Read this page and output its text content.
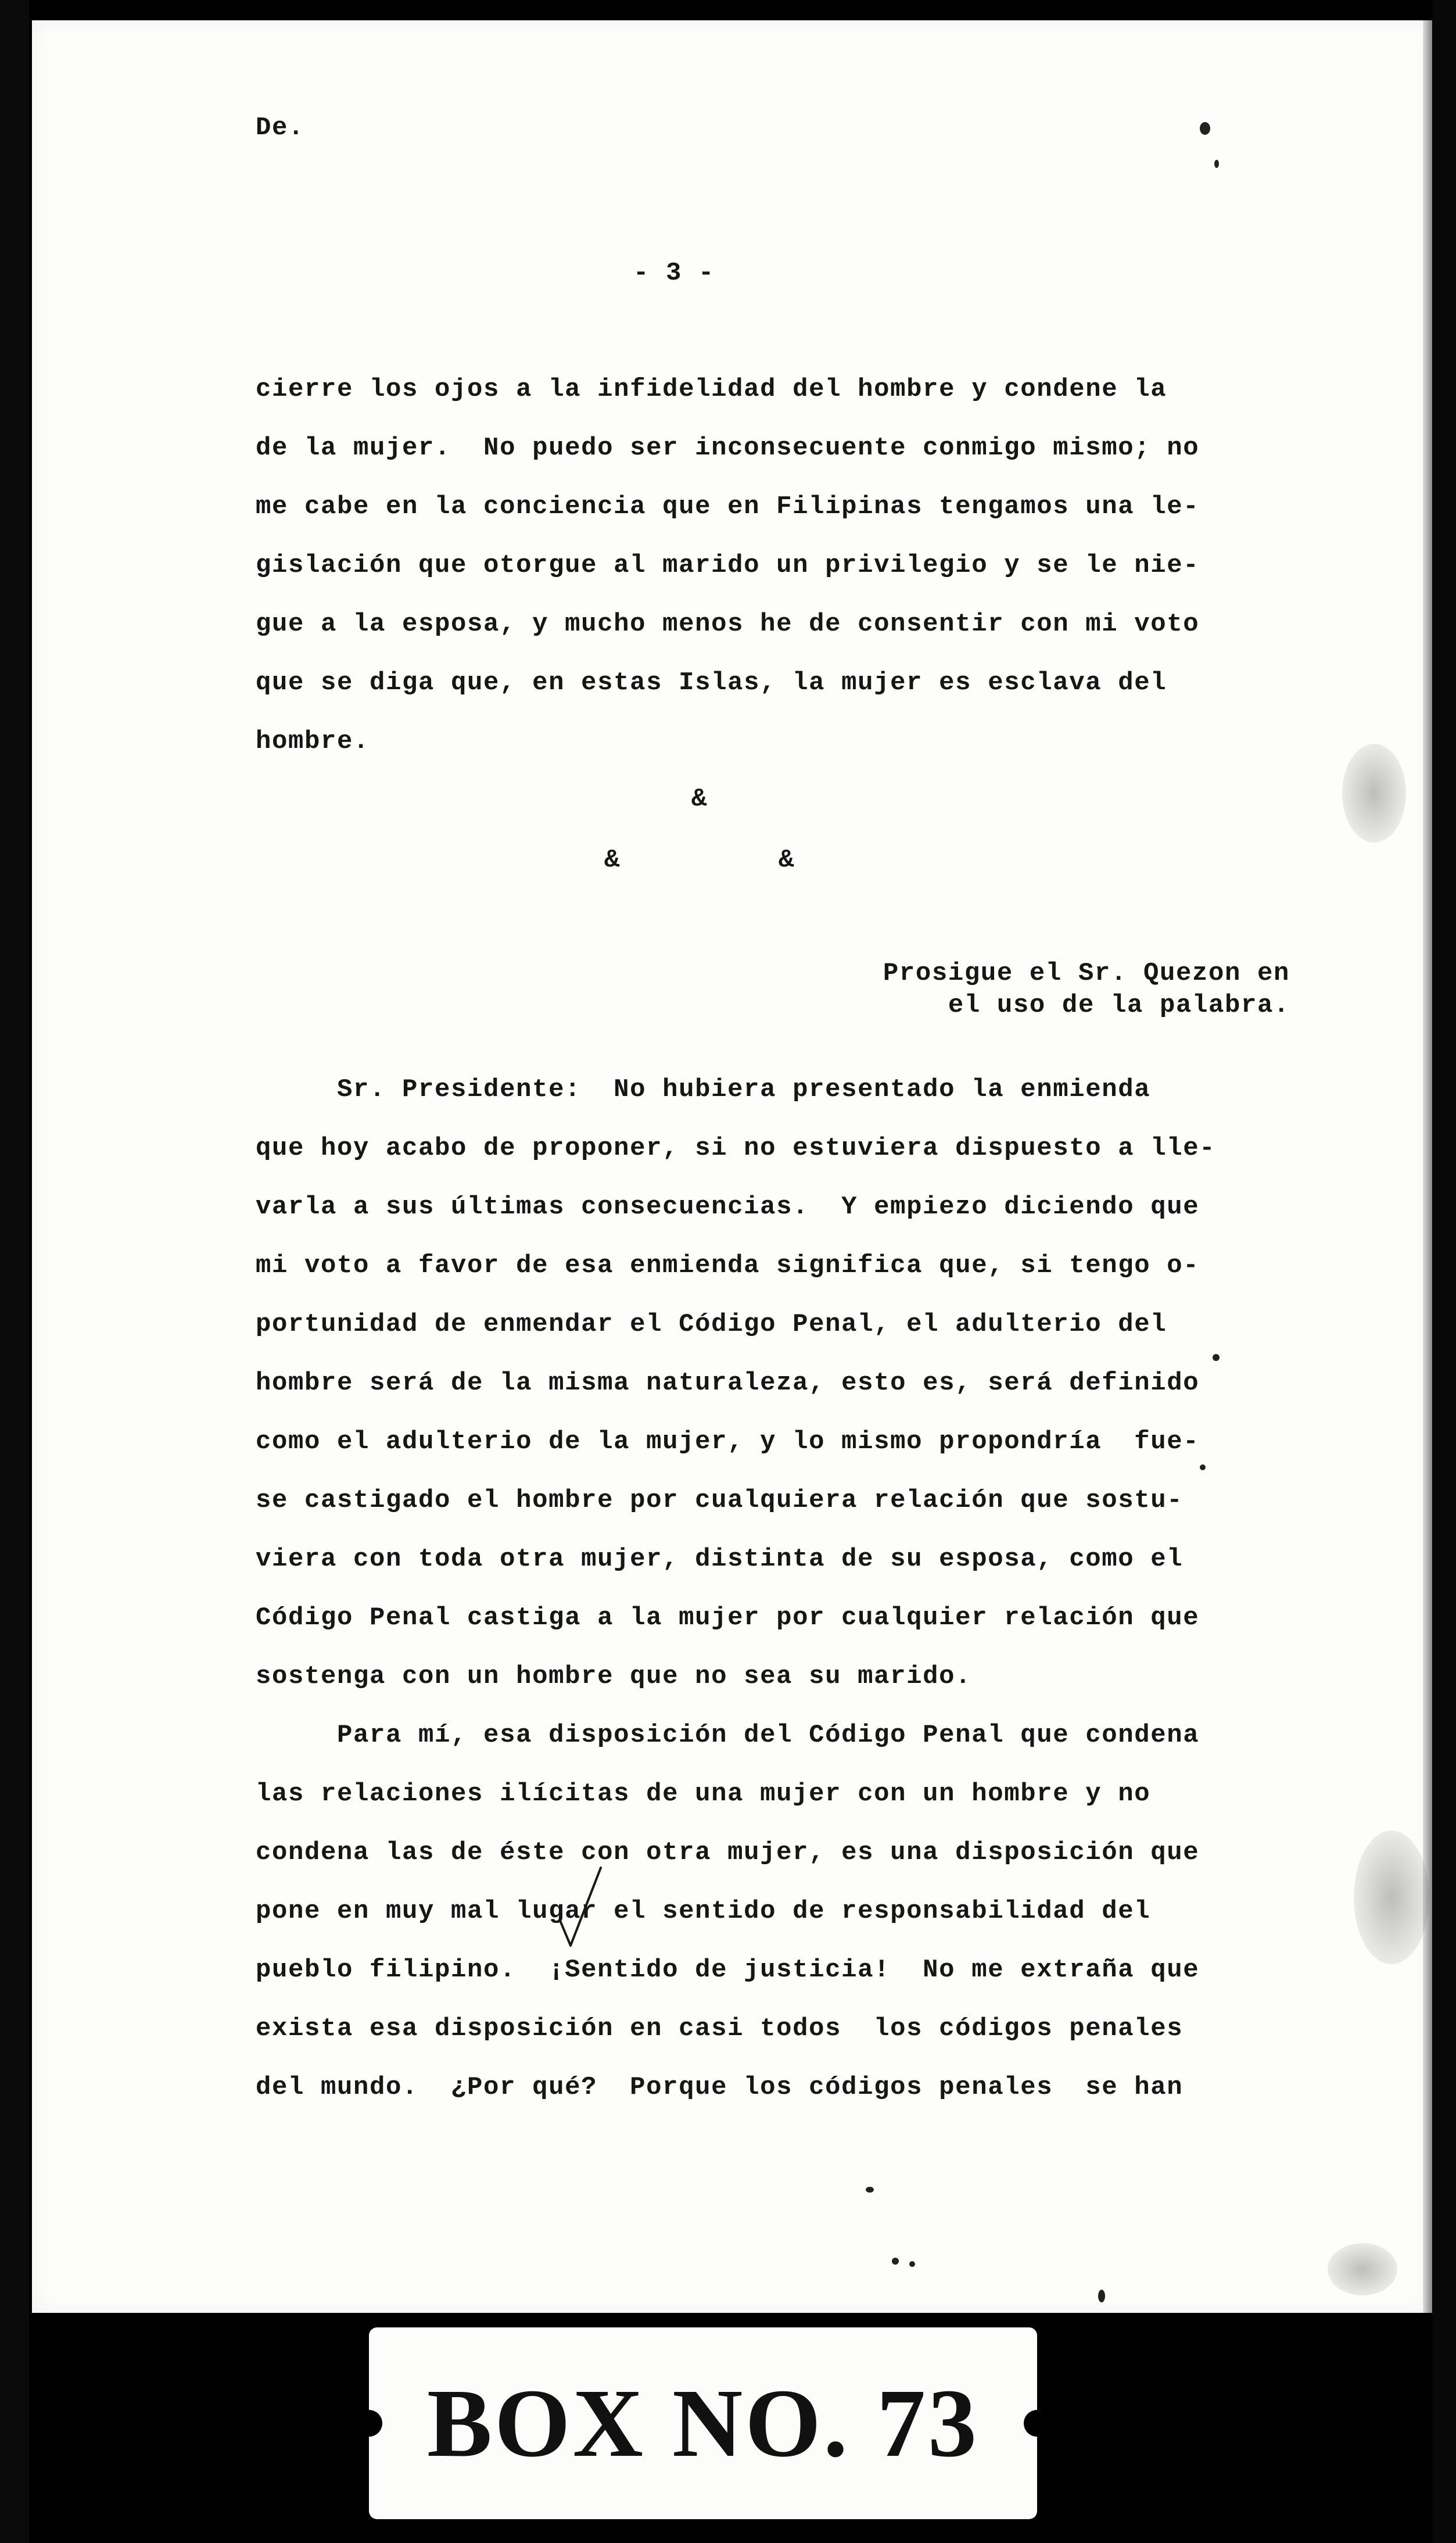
De.
- 3 -
cierre los ojos a la infidelidad del hombre y condene la
de la mujer.  No puedo ser inconsecuente conmigo mismo; no
me cabe en la conciencia que en Filipinas tengamos una le-
gislación que otorgue al marido un privilegio y se le nie-
gue a la esposa, y mucho menos he de consentir con mi voto
que se diga que, en estas Islas, la mujer es esclava del
hombre.
&
&	&
Prosigue el Sr. Quezon en
el uso de la palabra.
Sr. Presidente:  No hubiera presentado la enmienda
que hoy acabo de proponer, si no estuviera dispuesto a lle-
varla a sus últimas consecuencias.  Y empiezo diciendo que
mi voto a favor de esa enmienda significa que, si tengo o-
portunidad de enmendar el Código Penal, el adulterio del
hombre será de la misma naturaleza, esto es, será definido
como el adulterio de la mujer, y lo mismo propondría  fue-
se castigado el hombre por cualquiera relación que sostu-
viera con toda otra mujer, distinta de su esposa, como el
Código Penal castiga a la mujer por cualquier relación que
sostenga con un hombre que no sea su marido.
Para mí, esa disposición del Código Penal que condena
las relaciones ilícitas de una mujer con un hombre y no
condena las de éste con otra mujer, es una disposición que
pone en muy mal lugar el sentido de responsabilidad del
pueblo filipino.  ¡Sentido de justicia!  No me extraña que
exista esa disposición en casi todos  los códigos penales
del mundo.  ¿Por qué?  Porque los códigos penales  se han
BOX NO. 73
